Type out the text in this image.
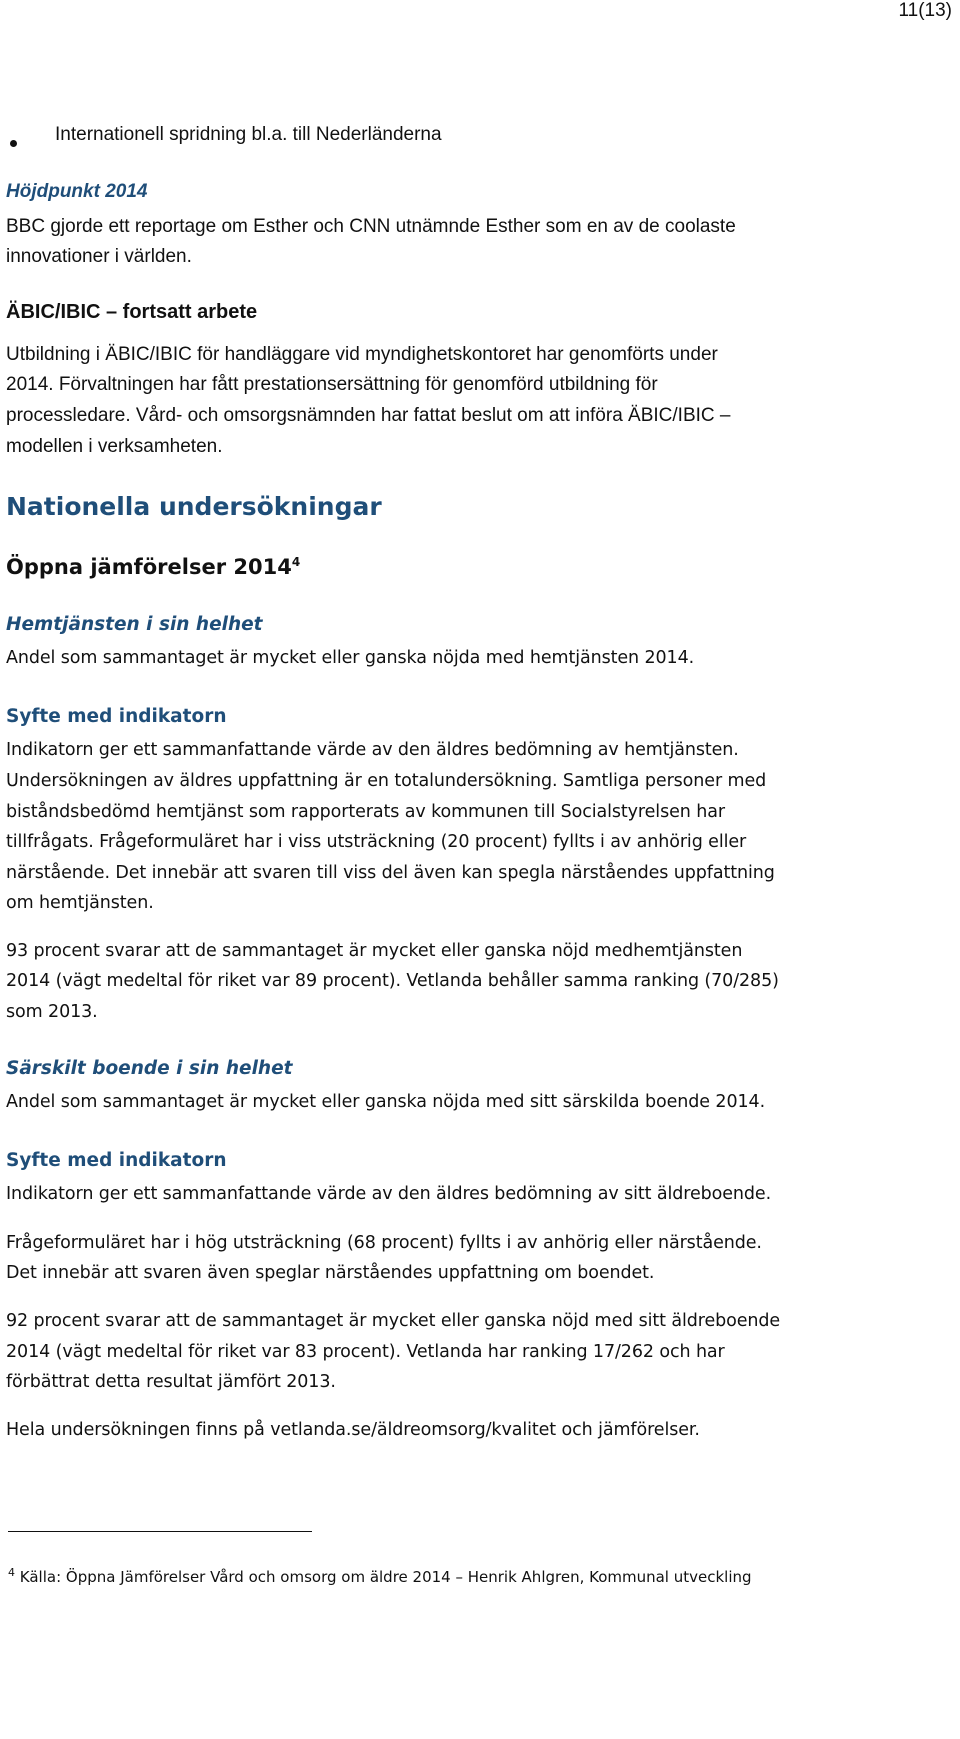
11(13)
Internationell spridning bl.a. till Nederländerna
Höjdpunkt 2014
BBC gjorde ett reportage om Esther och CNN utnämnde Esther som en av de coolaste
innovationer i världen.
ÄBIC/IBIC – fortsatt arbete
Utbildning i ÄBIC/IBIC för handläggare vid myndighetskontoret har genomförts under
2014. Förvaltningen har fått prestationsersättning för genomförd utbildning för
processledare. Vård- och omsorgsnämnden har fattat beslut om att införa ÄBIC/IBIC –
modellen i verksamheten.
Nationella undersökningar
Öppna jämförelser 2014$^4$
Hemtjänsten i sin helhet
Andel som sammantaget är mycket eller ganska nöjda med hemtjänsten 2014.
Syfte med indikatorn
Indikatorn ger ett sammanfattande värde av den äldres bedömning av hemtjänsten.
Undersökningen av äldres uppfattning är en totalundersökning. Samtliga personer med
biståndsbedömd hemtjänst som rapporterats av kommunen till Socialstyrelsen har
tillfrågats. Frågeformuläret har i viss utsträckning (20 procent) fyllts i av anhörig eller
närstående. Det innebär att svaren till viss del även kan spegla närståendes uppfattning
om hemtjänsten.
93 procent svarar att de sammantaget är mycket eller ganska nöjd medhemtjänsten
2014 (vägt medeltal för riket var 89 procent). Vetlanda behåller samma ranking (70/285)
som 2013.
Särskilt boende i sin helhet
Andel som sammantaget är mycket eller ganska nöjda med sitt särskilda boende 2014.
Syfte med indikatorn
Indikatorn ger ett sammanfattande värde av den äldres bedömning av sitt äldreboende.
Frågeformuläret har i hög utsträckning (68 procent) fyllts i av anhörig eller närstående.
Det innebär att svaren även speglar närståendes uppfattning om boendet.
92 procent svarar att de sammantaget är mycket eller ganska nöjd med sitt äldreboende
2014 (vägt medeltal för riket var 83 procent). Vetlanda har ranking 17/262 och har
förbättrat detta resultat jämfört 2013.
Hela undersökningen finns på vetlanda.se/äldreomsorg/kvalitet och jämförelser.
$^4$ Källa: Öppna Jämförelser Vård och omsorg om äldre 2014 – Henrik Ahlgren, Kommunal utveckling
